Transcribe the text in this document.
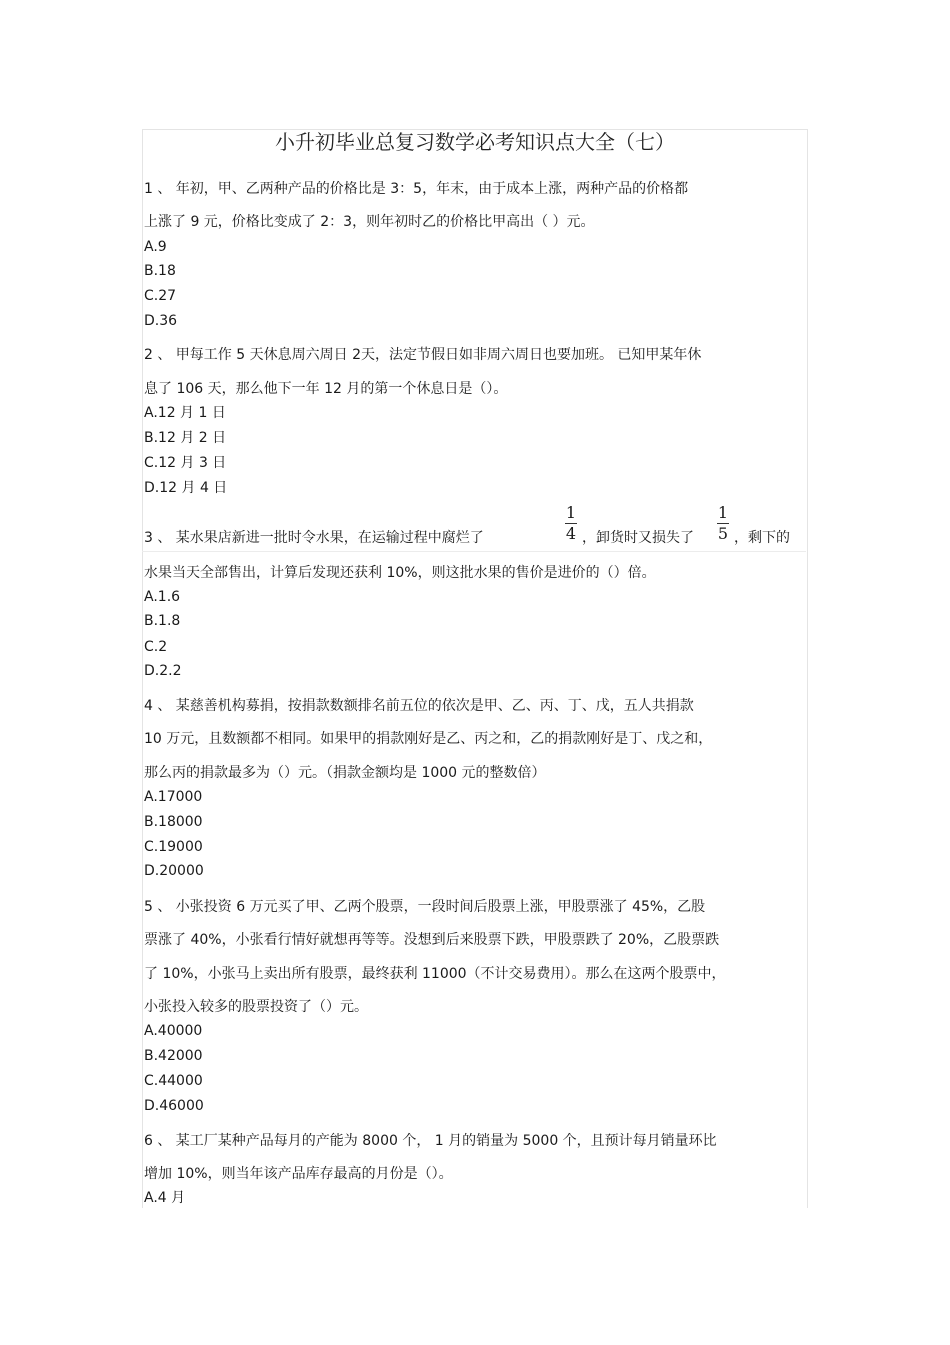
小升初毕业总复习数学必考知识点大全（七）
1 、 年初，甲、乙两种产品的价格比是 3：5，年末，由于成本上涨，两种产品的价格都
上涨了 9 元，价格比变成了 2：3，则年初时乙的价格比甲高出（ ）元。
A.9
B.18
C.27
D.36
2 、 甲每工作 5 天休息周六周日 2天，法定节假日如非周六周日也要加班。 已知甲某年休
息了 106 天，那么他下一年 12 月的第一个休息日是（）。
A.12 月 1 日
B.12 月 2 日
C.12 月 3 日
D.12 月 4 日
3 、 某水果店新进一批时令水果，在运输过程中腐烂了
1
4 ，卸货时又损失了
1
5 ，剩下的
水果当天全部售出，计算后发现还获利 10%，则这批水果的售价是进价的（）倍。
A.1.6
B.1.8
C.2
D.2.2
4 、 某慈善机构募捐，按捐款数额排名前五位的依次是甲、乙、丙、丁、戊，五人共捐款
10 万元，且数额都不相同。如果甲的捐款刚好是乙、丙之和，乙的捐款刚好是丁、戊之和，
那么丙的捐款最多为（）元。（捐款金额均是 1000 元的整数倍）
A.17000
B.18000
C.19000
D.20000
5 、 小张投资 6 万元买了甲、乙两个股票，一段时间后股票上涨，甲股票涨了 45%，乙股
票涨了 40%，小张看行情好就想再等等。没想到后来股票下跌，甲股票跌了 20%，乙股票跌
了 10%，小张马上卖出所有股票，最终获利 11000（不计交易费用）。那么在这两个股票中，
小张投入较多的股票投资了（）元。
A.40000
B.42000
C.44000
D.46000
6 、 某工厂某种产品每月的产能为 8000 个， 1 月的销量为 5000 个，且预计每月销量环比
增加 10%，则当年该产品库存最高的月份是（）。
A.4 月
